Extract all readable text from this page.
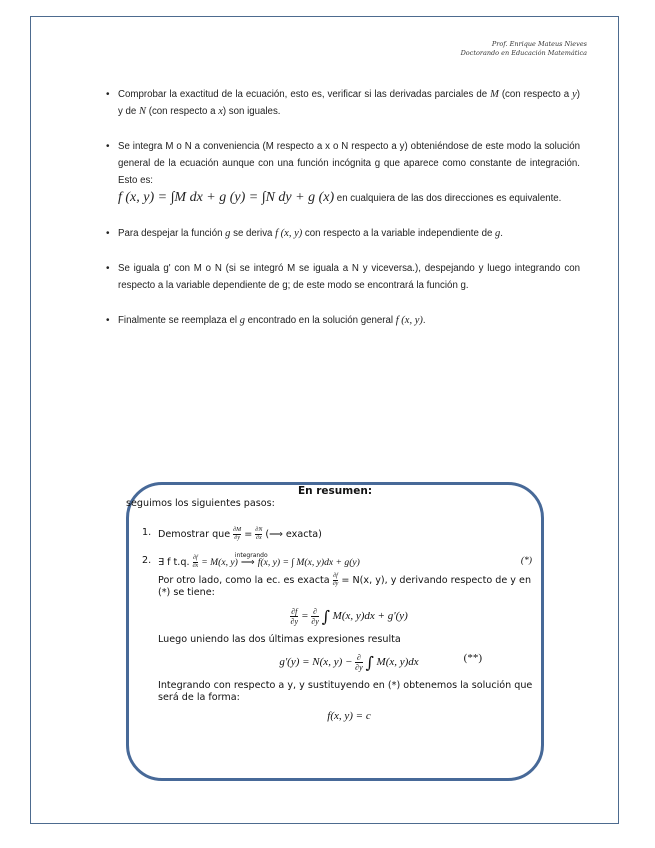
Prof. Enrique Mateus Nieves
Doctorando en Educación Matemática
• Comprobar la exactitud de la ecuación, esto es, verificar si las derivadas parciales de M (con respecto a y) y de N (con respecto a x) son iguales.
• Se integra M o N a conveniencia (M respecto a x o N respecto a y) obteniéndose de este modo la solución general de la ecuación aunque con una función incógnita g que aparece como constante de integración. Esto es:
f (x, y) = ∫M dx + g (y) = ∫N dy + g (x) en cualquiera de las dos direcciones es equivalente.
• Para despejar la función g se deriva f (x, y) con respecto a la variable independiente de g.
• Se iguala g' con M o N (si se integró M se iguala a N y viceversa.), despejando y luego integrando con respecto a la variable dependiente de g; de este modo se encontrará la función g.
• Finalmente se reemplaza el g encontrado en la solución general f (x, y).

En resumen:

seguimos los siguientes pasos:

1. Demostrar que $\frac{\partial M}{\partial y} = \frac{\partial N}{\partial x}$ (⟹ exacta)
2. ∃ f t.q. $\frac{\partial f}{\partial x} = M(x$, y)
integrando
⟹ f(x, y) = ∫ M(x, y)dx + g(y)	(*)
Por otro lado, como la ec. es exacta $\frac{\partial f}{\partial y} = N(x$, y), y derivando respecto de y en (*) se tiene:
$\frac{\partial f}{\partial y} = \frac{\partial}{\partial y}$ ∫ M(x, y)dx + g'(y)
Luego uniendo las dos últimas expresiones resulta
g'(y) = N(x, $y) - \frac{\partial}{\partial y}$ ∫ M(x, y)dx	(**)
Integrando con respecto a y, y sustituyendo en (*) obtenemos la solución que será de la forma:
f(x, y) = c
